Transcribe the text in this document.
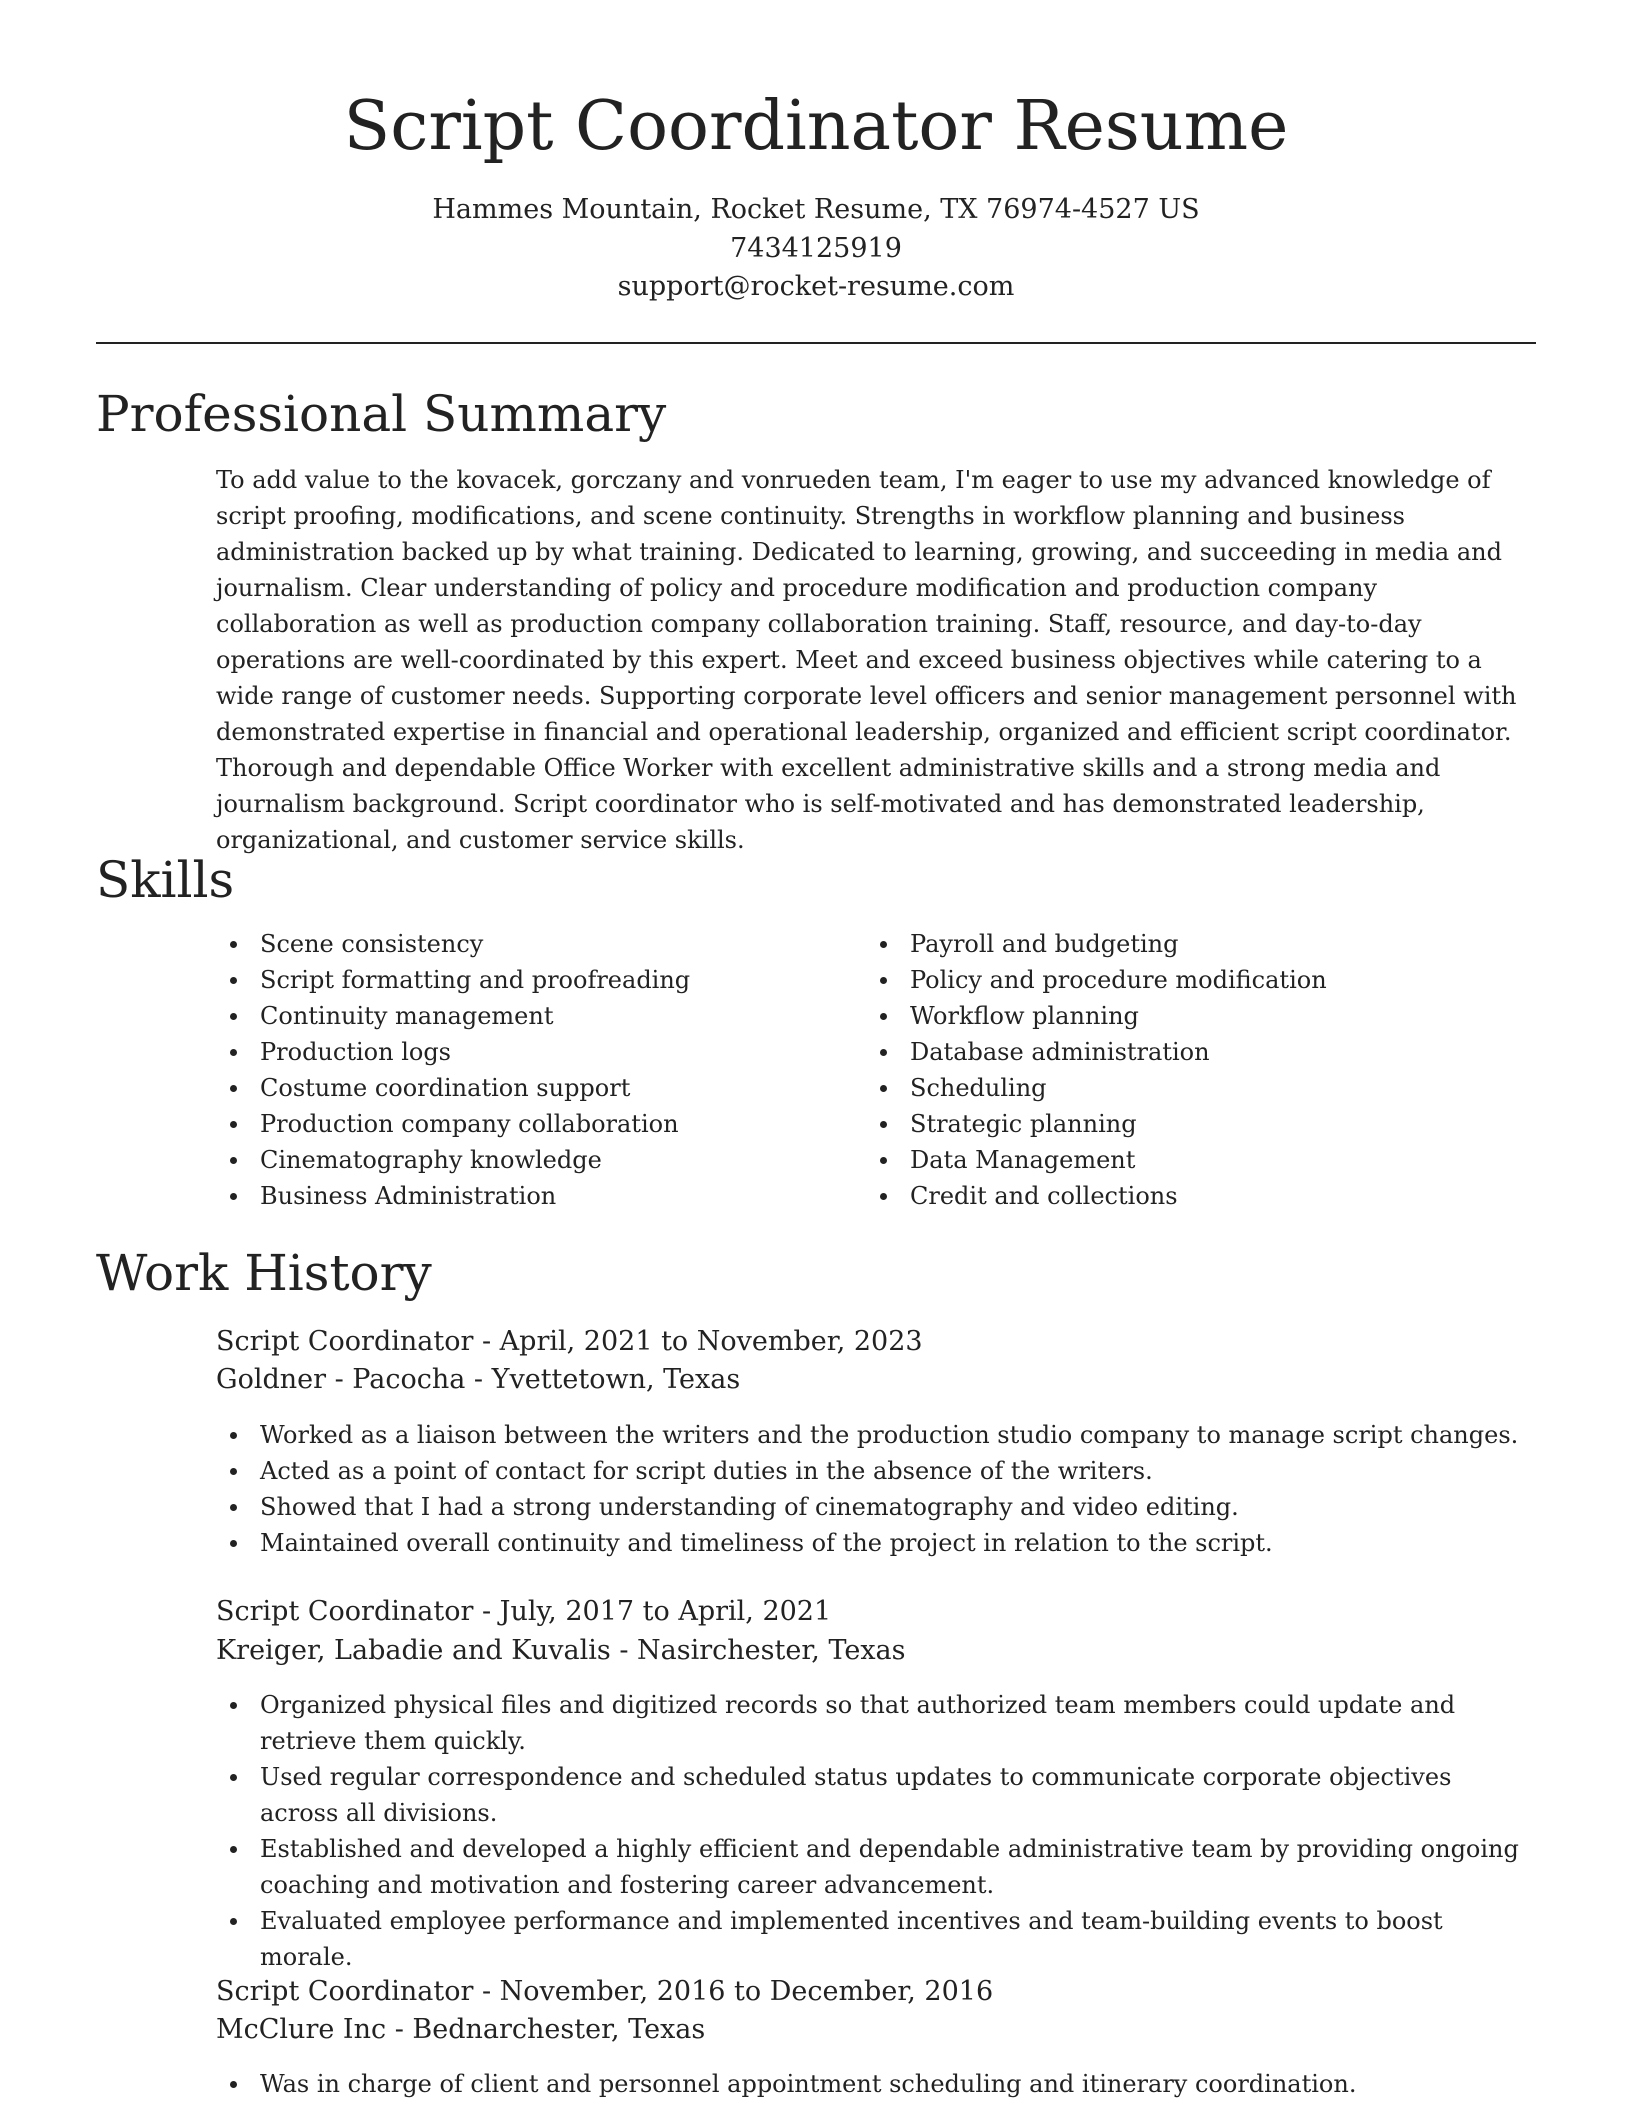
Script Coordinator Resume
Hammes Mountain, Rocket Resume, TX 76974-4527 US
7434125919
support@rocket-resume.com
Professional Summary

To add value to the kovacek, gorczany and vonrueden team, I'm eager to use my advanced knowledge of script proofing, modifications, and scene continuity. Strengths in workflow planning and business administration backed up by what training. Dedicated to learning, growing, and succeeding in media and journalism. Clear understanding of policy and procedure modification and production company collaboration as well as production company collaboration training. Staff, resource, and day-to-day operations are well-coordinated by this expert. Meet and exceed business objectives while catering to a wide range of customer needs. Supporting corporate level officers and senior management personnel with demonstrated expertise in financial and operational leadership, organized and efficient script coordinator. Thorough and dependable Office Worker with excellent administrative skills and a strong media and journalism background. Script coordinator who is self-motivated and has demonstrated leadership, organizational, and customer service skills.

Skills
Scene consistency
Script formatting and proofreading
Continuity management
Production logs
Costume coordination support
Production company collaboration
Cinematography knowledge
Business Administration
Payroll and budgeting
Policy and procedure modification
Workflow planning
Database administration
Scheduling
Strategic planning
Data Management
Credit and collections
Work History
Script Coordinator - April, 2021 to November, 2023
Goldner - Pacocha - Yvettetown, Texas
Worked as a liaison between the writers and the production studio company to manage script changes.
Acted as a point of contact for script duties in the absence of the writers.
Showed that I had a strong understanding of cinematography and video editing.
Maintained overall continuity and timeliness of the project in relation to the script.
Script Coordinator - July, 2017 to April, 2021
Kreiger, Labadie and Kuvalis - Nasirchester, Texas
Organized physical files and digitized records so that authorized team members could update and retrieve them quickly.
Used regular correspondence and scheduled status updates to communicate corporate objectives across all divisions.
Established and developed a highly efficient and dependable administrative team by providing ongoing coaching and motivation and fostering career advancement.
Evaluated employee performance and implemented incentives and team-building events to boost morale.
Script Coordinator - November, 2016 to December, 2016
McClure Inc - Bednarchester, Texas
Was in charge of client and personnel appointment scheduling and itinerary coordination.
